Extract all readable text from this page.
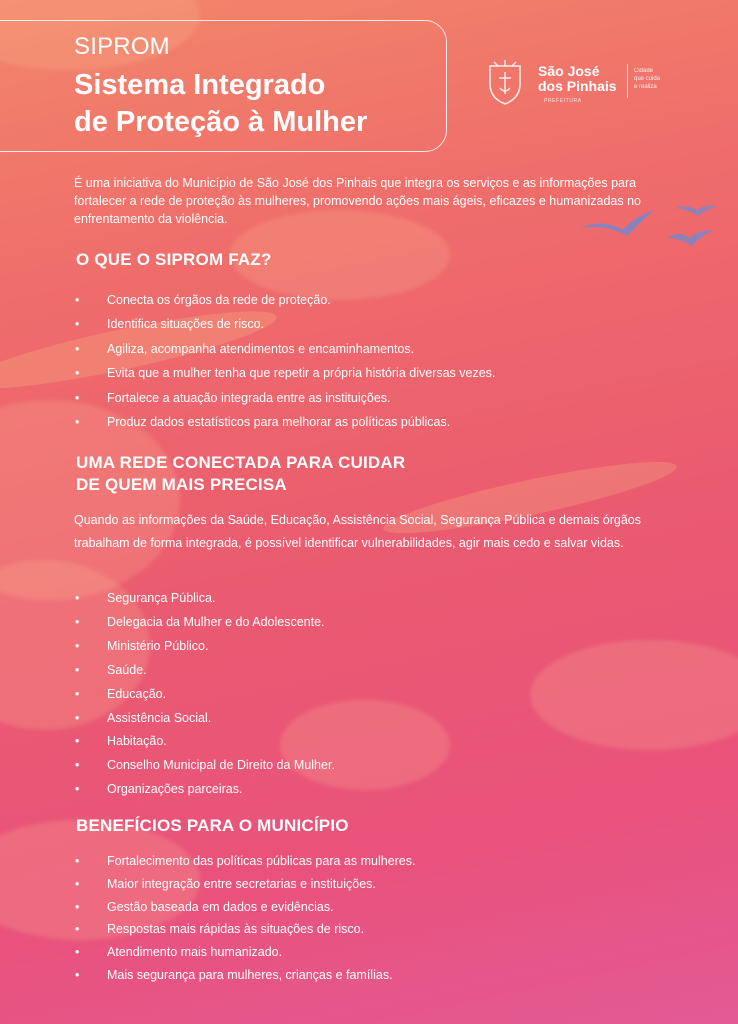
SIPROM
Sistema Integrado
de Proteção à Mulher
São José
dos Pinhais
PREFEITURA
Cidade
que cuida
e realiza

É uma iniciativa do Município de São José dos Pinhais que integra os serviços e as informações para fortalecer a rede de proteção às mulheres, promovendo ações mais ágeis, eficazes e humanizadas no enfrentamento da violência.

O QUE O SIPROM FAZ?
• Conecta os órgãos da rede de proteção.
• Identifica situações de risco.
• Agiliza, acompanha atendimentos e encaminhamentos.
• Evita que a mulher tenha que repetir a própria história diversas vezes.
• Fortalece a atuação integrada entre as instituições.
• Produz dados estatísticos para melhorar as políticas públicas.
UMA REDE CONECTADA PARA CUIDAR
DE QUEM MAIS PRECISA

Quando as informações da Saúde, Educação, Assistência Social, Segurança Pública e demais órgãos trabalham de forma integrada, é possível identificar vulnerabilidades, agir mais cedo e salvar vidas.

• Segurança Pública.
• Delegacia da Mulher e do Adolescente.
• Ministério Público.
• Saúde.
• Educação.
• Assistência Social.
• Habitação.
• Conselho Municipal de Direito da Mulher.
• Organizações parceiras.
BENEFÍCIOS PARA O MUNICÍPIO
• Fortalecimento das políticas públicas para as mulheres.
• Maior integração entre secretarias e instituições.
• Gestão baseada em dados e evidências.
• Respostas mais rápidas às situações de risco.
• Atendimento mais humanizado.
• Mais segurança para mulheres, crianças e famílias.
